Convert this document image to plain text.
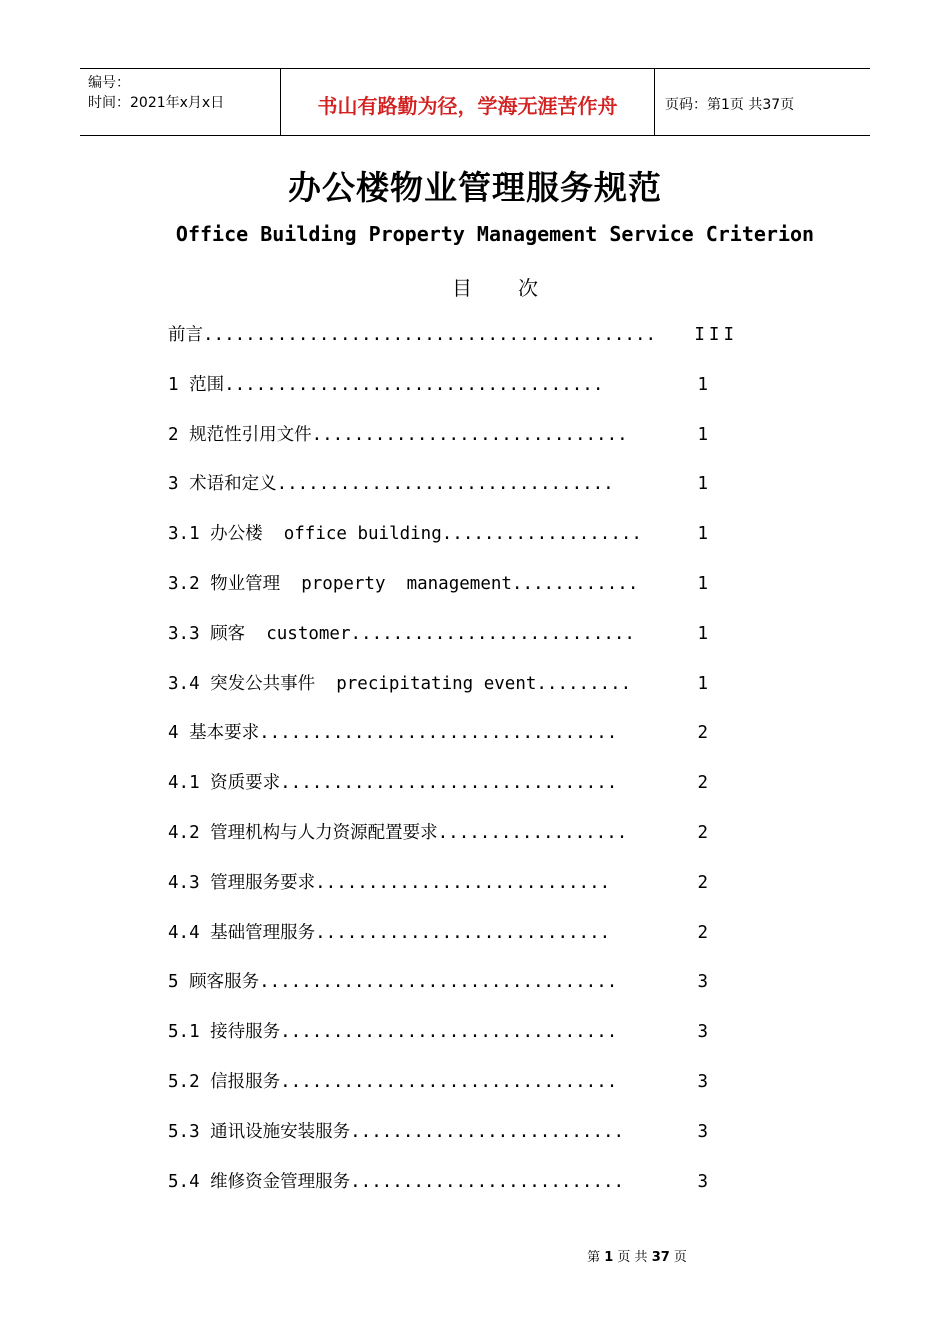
编号：
时间：2021年x月x日	书山有路勤为径，学海无涯苦作舟	页码：第1页 共37页
办公楼物业管理服务规范
Office Building Property Management Service Criterion
目 次
前言........................................... III
1 范围....................................	1
2 规范性引用文件..............................	1
3 术语和定义................................	1
3.1 办公楼  office building...................	1
3.2 物业管理  property  management............	1
3.3 顾客  customer...........................	1
3.4 突发公共事件  precipitating event.........	1
4 基本要求..................................	2
4.1 资质要求................................	2
4.2 管理机构与人力资源配置要求..................	2
4.3 管理服务要求............................	2
4.4 基础管理服务............................	2
5 顾客服务..................................	3
5.1 接待服务................................	3
5.2 信报服务................................	3
5.3 通讯设施安装服务..........................	3
5.4 维修资金管理服务..........................	3
第 1 页 共 37 页
